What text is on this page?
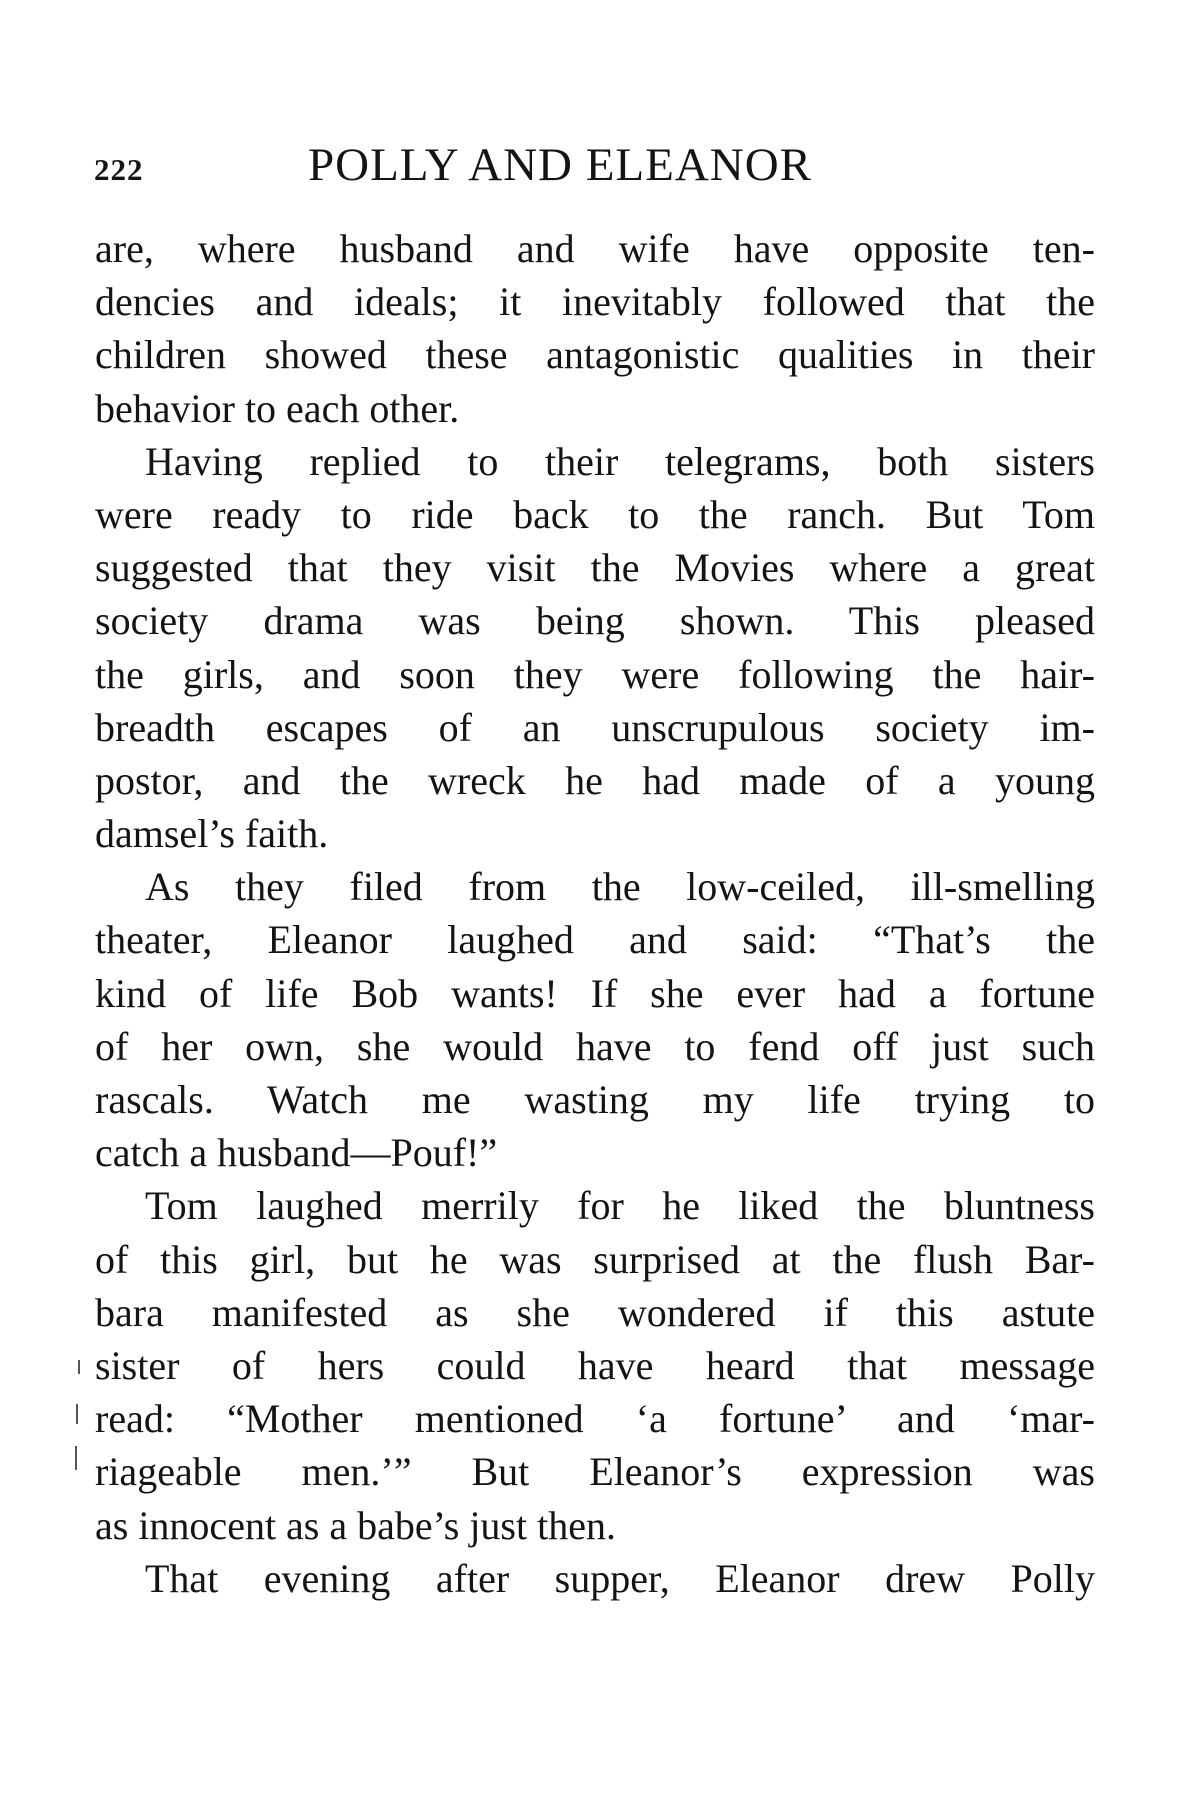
222	POLLY AND ELEANOR
are, where husband and wife have opposite ten-
dencies and ideals; it inevitably followed that the
children showed these antagonistic qualities in their
behavior to each other.
Having replied to their telegrams, both sisters
were ready to ride back to the ranch. But Tom
suggested that they visit the Movies where a great
society drama was being shown. This pleased
the girls, and soon they were following the hair-
breadth escapes of an unscrupulous society im-
postor, and the wreck he had made of a young
damsel’s faith.
As they filed from the low-ceiled, ill-smelling
theater, Eleanor laughed and said: “That’s the
kind of life Bob wants! If she ever had a fortune
of her own, she would have to fend off just such
rascals. Watch me wasting my life trying to
catch a husband—Pouf!”
Tom laughed merrily for he liked the bluntness
of this girl, but he was surprised at the flush Bar-
bara manifested as she wondered if this astute
sister of hers could have heard that message
read: “Mother mentioned ‘a fortune’ and ‘mar-
riageable men.’” But Eleanor’s expression was
as innocent as a babe’s just then.
That evening after supper, Eleanor drew Polly
